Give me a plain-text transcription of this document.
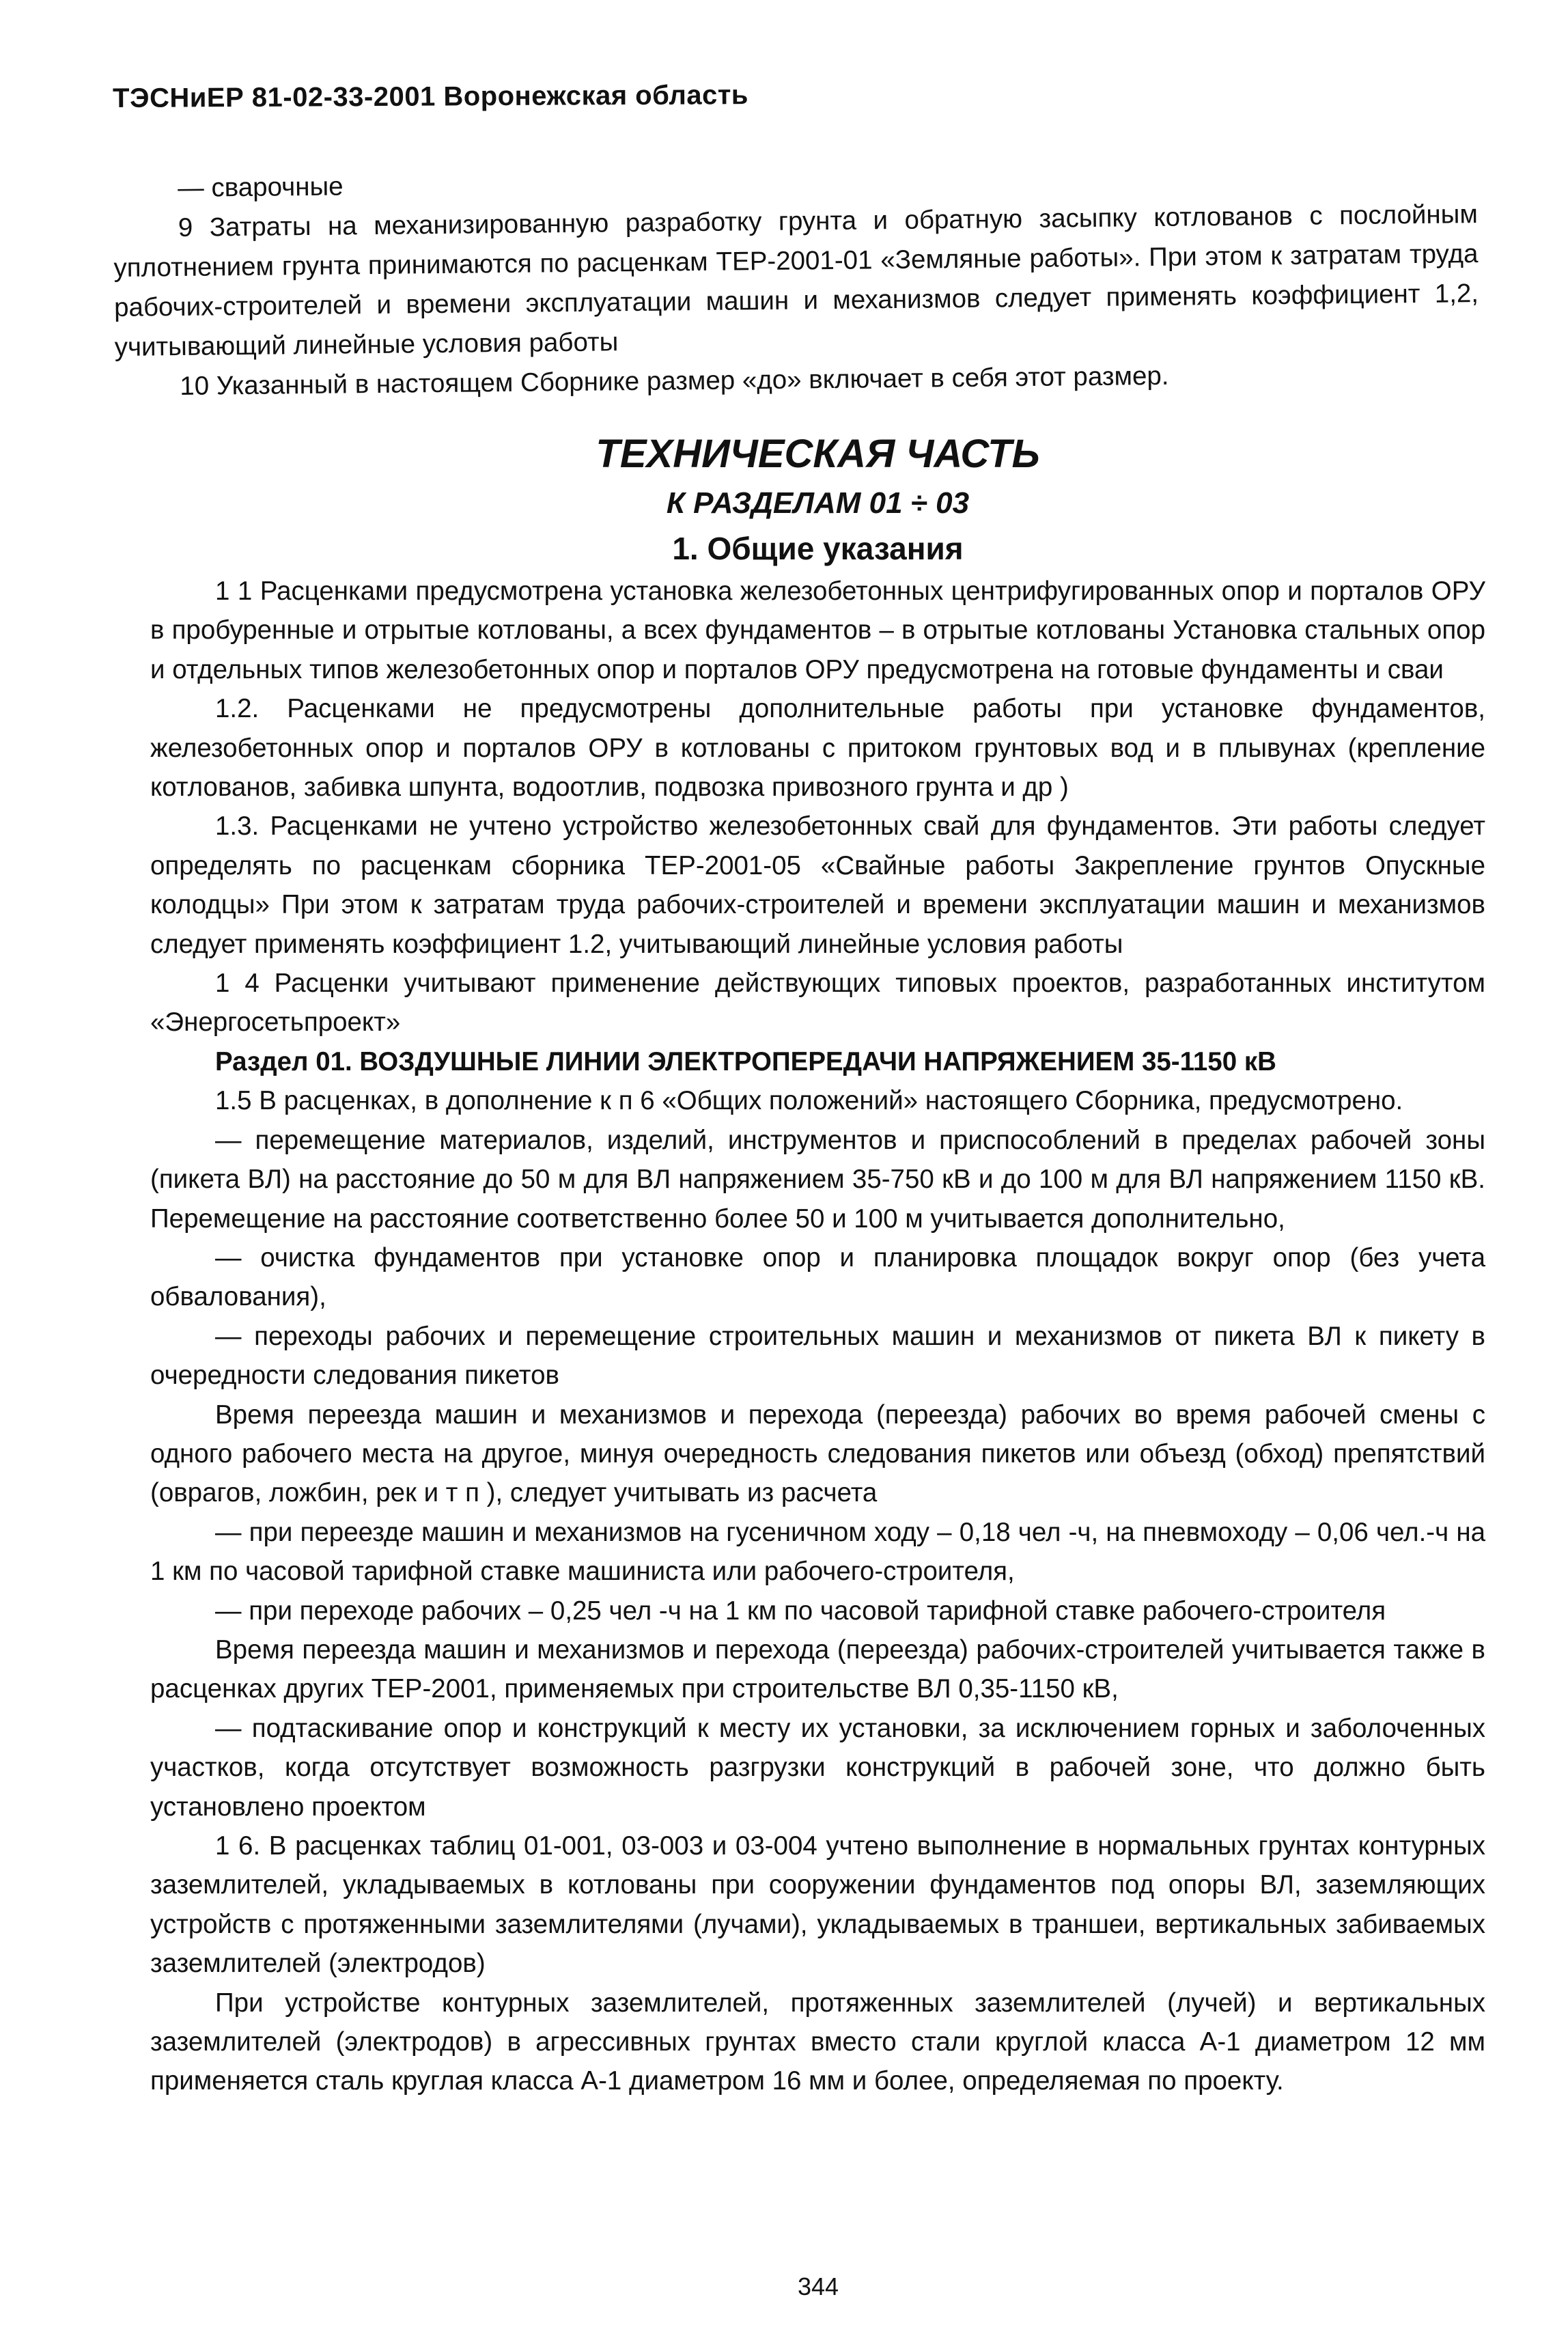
ТЭСНиЕР 81-02-33-2001 Воронежская область

— сварочные

9 Затраты на механизированную разработку грунта и обратную засыпку котлованов с послойным уплотнением грунта принимаются по расценкам ТЕР-2001-01 «Земляные работы». При этом к затратам труда рабочих-строителей и времени эксплуатации машин и механизмов следует применять коэффициент 1,2, учитывающий линейные условия работы

10 Указанный в настоящем Сборнике размер «до» включает в себя этот размер.

ТЕХНИЧЕСКАЯ ЧАСТЬ

К РАЗДЕЛАМ 01 ÷ 03

1. Общие указания

1 1 Расценками предусмотрена установка железобетонных центрифугированных опор и порталов ОРУ в пробуренные и отрытые котлованы, а всех фундаментов – в отрытые котлованы Установка стальных опор и отдельных типов железобетонных опор и порталов ОРУ предусмотрена на готовые фундаменты и сваи

1.2. Расценками не предусмотрены дополнительные работы при установке фундаментов, железобетонных опор и порталов ОРУ в котлованы с притоком грунтовых вод и в плывунах (крепление котлованов, забивка шпунта, водоотлив, подвозка привозного грунта и др )

1.3. Расценками не учтено устройство железобетонных свай для фундаментов. Эти работы следует определять по расценкам сборника ТЕР-2001-05 «Свайные работы Закрепление грунтов Опускные колодцы» При этом к затратам труда рабочих-строителей и времени эксплуатации машин и механизмов следует применять коэффициент 1.2, учитывающий линейные условия работы

1 4 Расценки учитывают применение действующих типовых проектов, разработанных институтом «Энергосетьпроект»

Раздел 01. ВОЗДУШНЫЕ ЛИНИИ ЭЛЕКТРОПЕРЕДАЧИ НАПРЯЖЕНИЕМ 35-1150 кВ

1.5 В расценках, в дополнение к п 6 «Общих положений» настоящего Сборника, предусмотрено.

— перемещение материалов, изделий, инструментов и приспособлений в пределах рабочей зоны (пикета ВЛ) на расстояние до 50 м для ВЛ напряжением 35-750 кВ и до 100 м для ВЛ напряжением 1150 кВ. Перемещение на расстояние соответственно более 50 и 100 м учитывается дополнительно,

— очистка фундаментов при установке опор и планировка площадок вокруг опор (без учета обвалования),

— переходы рабочих и перемещение строительных машин и механизмов от пикета ВЛ к пикету в очередности следования пикетов

Время переезда машин и механизмов и перехода (переезда) рабочих во время рабочей смены с одного рабочего места на другое, минуя очередность следования пикетов или объезд (обход) препятствий (оврагов, ложбин, рек и т п ), следует учитывать из расчета

— при переезде машин и механизмов на гусеничном ходу – 0,18 чел -ч, на пневмоходу – 0,06 чел.-ч на 1 км по часовой тарифной ставке машиниста или рабочего-строителя,

— при переходе рабочих – 0,25 чел -ч на 1 км по часовой тарифной ставке рабочего-строителя

Время переезда машин и механизмов и перехода (переезда) рабочих-строителей учитывается также в расценках других ТЕР-2001, применяемых при строительстве ВЛ 0,35-1150 кВ,

— подтаскивание опор и конструкций к месту их установки, за исключением горных и заболоченных участков, когда отсутствует возможность разгрузки конструкций в рабочей зоне, что должно быть установлено проектом

1 6. В расценках таблиц 01-001, 03-003 и 03-004 учтено выполнение в нормальных грунтах контурных заземлителей, укладываемых в котлованы при сооружении фундаментов под опоры ВЛ, заземляющих устройств с протяженными заземлителями (лучами), укладываемых в траншеи, вертикальных забиваемых заземлителей (электродов)

При устройстве контурных заземлителей, протяженных заземлителей (лучей) и вертикальных заземлителей (электродов) в агрессивных грунтах вместо стали круглой класса А-1 диаметром 12 мм применяется сталь круглая класса А-1 диаметром 16 мм и более, определяемая по проекту.

344
